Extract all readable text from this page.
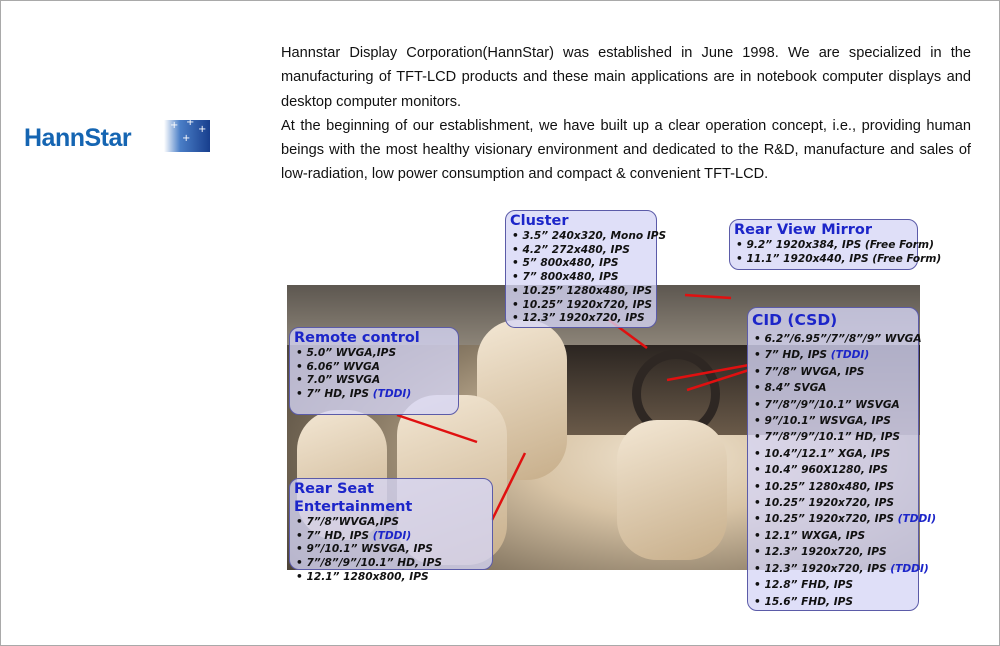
HannStar	+ +
+
+

Hannstar Display Corporation(HannStar) was established in June 1998. We are specialized in the manufacturing of TFT-LCD products and these main applications are in notebook computer displays and desktop computer monitors.

At the beginning of our establishment, we have built up a clear operation concept, i.e., providing human beings with the most healthy visionary environment and dedicated to the R&D, manufacture and sales of low-radiation, low power consumption and compact & convenient TFT-LCD.

Cluster
• 3.5” 240x320, Mono IPS
• 4.2” 272x480, IPS
• 5” 800x480, IPS
• 7” 800x480, IPS
• 10.25” 1280x480, IPS
• 10.25” 1920x720, IPS
• 12.3” 1920x720, IPS
Rear View Mirror
• 9.2” 1920x384, IPS (Free Form)
• 11.1” 1920x440, IPS (Free Form)
Remote control
• 5.0” WVGA,IPS
• 6.06” WVGA
• 7.0” WSVGA
• 7” HD, IPS (TDDI)
Rear Seat Entertainment
• 7”/8”WVGA,IPS
• 7” HD, IPS (TDDI)
• 9”/10.1” WSVGA, IPS
• 7”/8”/9”/10.1” HD, IPS
• 12.1” 1280x800, IPS
CID (CSD)
• 6.2”/6.95”/7”/8”/9” WVGA
• 7” HD, IPS (TDDI)
• 7”/8” WVGA, IPS
• 8.4” SVGA
• 7”/8”/9”/10.1” WSVGA
• 9”/10.1” WSVGA, IPS
• 7”/8”/9”/10.1” HD, IPS
• 10.4”/12.1” XGA, IPS
• 10.4” 960X1280, IPS
• 10.25” 1280x480, IPS
• 10.25” 1920x720, IPS
• 10.25” 1920x720, IPS (TDDI)
• 12.1” WXGA, IPS
• 12.3” 1920x720, IPS
• 12.3” 1920x720, IPS (TDDI)
• 12.8” FHD, IPS
• 15.6” FHD, IPS
